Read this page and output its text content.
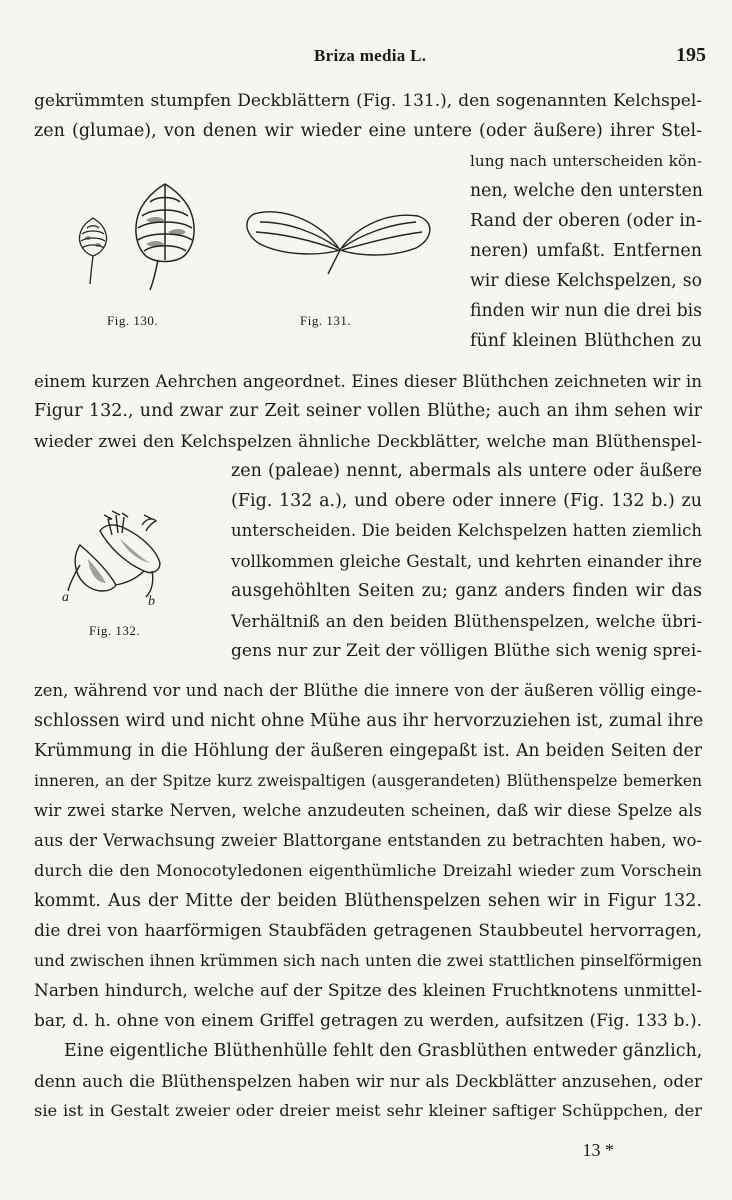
Briza media L.	195
Fig. 130.	Fig. 131.
a	b
Fig. 132.
gekrümmten stumpfen Deckblättern (Fig. 131.), den sogenannten Kelchspel-
zen (glumae), von denen wir wieder eine untere (oder äußere) ihrer Stel-
lung nach unterscheiden kön-
nen, welche den untersten
Rand der oberen (oder in-
neren) umfaßt. Entfernen
wir diese Kelchspelzen, so
finden wir nun die drei bis
fünf kleinen Blüthchen zu
einem kurzen Aehrchen angeordnet. Eines dieser Blüthchen zeichneten wir in
Figur 132., und zwar zur Zeit seiner vollen Blüthe; auch an ihm sehen wir
wieder zwei den Kelchspelzen ähnliche Deckblätter, welche man Blüthenspel-
zen (paleae) nennt, abermals als untere oder äußere
(Fig. 132 a.), und obere oder innere (Fig. 132 b.) zu
unterscheiden. Die beiden Kelchspelzen hatten ziemlich
vollkommen gleiche Gestalt, und kehrten einander ihre
ausgehöhlten Seiten zu; ganz anders finden wir das
Verhältniß an den beiden Blüthenspelzen, welche übri-
gens nur zur Zeit der völligen Blüthe sich wenig sprei-
zen, während vor und nach der Blüthe die innere von der äußeren völlig einge-
schlossen wird und nicht ohne Mühe aus ihr hervorzuziehen ist, zumal ihre
Krümmung in die Höhlung der äußeren eingepaßt ist. An beiden Seiten der
inneren, an der Spitze kurz zweispaltigen (ausgerandeten) Blüthenspelze bemerken
wir zwei starke Nerven, welche anzudeuten scheinen, daß wir diese Spelze als
aus der Verwachsung zweier Blattorgane entstanden zu betrachten haben, wo-
durch die den Monocotyledonen eigenthümliche Dreizahl wieder zum Vorschein
kommt. Aus der Mitte der beiden Blüthenspelzen sehen wir in Figur 132.
die drei von haarförmigen Staubfäden getragenen Staubbeutel hervorragen,
und zwischen ihnen krümmen sich nach unten die zwei stattlichen pinselförmigen
Narben hindurch, welche auf der Spitze des kleinen Fruchtknotens unmittel-
bar, d. h. ohne von einem Griffel getragen zu werden, aufsitzen (Fig. 133 b.).
Eine eigentliche Blüthenhülle fehlt den Grasblüthen entweder gänzlich,
denn auch die Blüthenspelzen haben wir nur als Deckblätter anzusehen, oder
sie ist in Gestalt zweier oder dreier meist sehr kleiner saftiger Schüppchen, der
13 *
